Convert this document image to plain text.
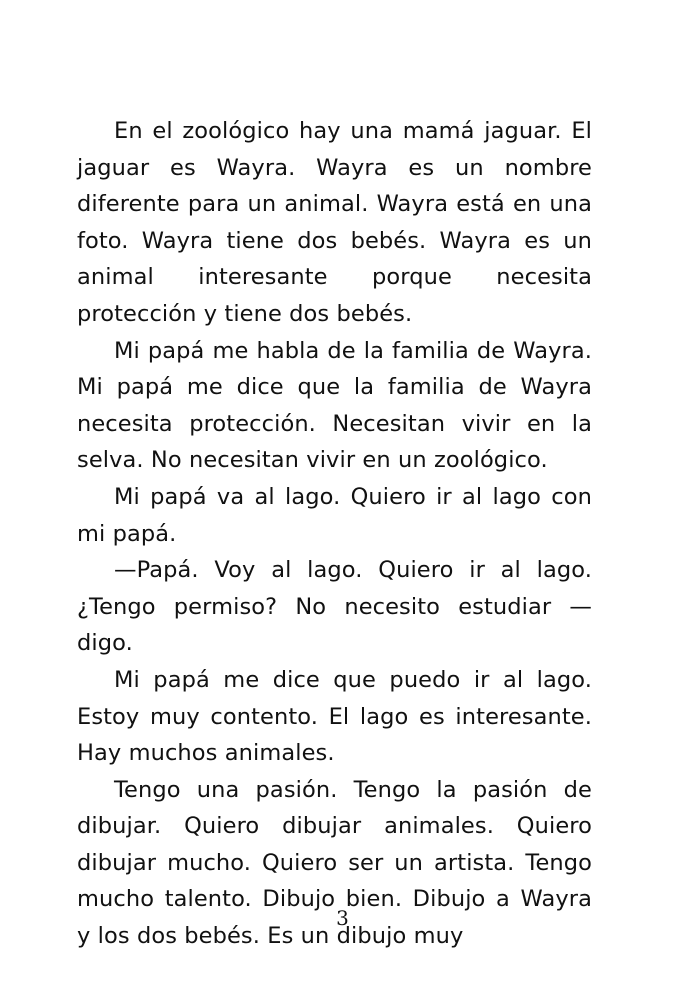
En el zoológico hay una mamá jaguar. El jaguar es Wayra. Wayra es un nombre diferente para un animal. Wayra está en una foto. Wayra tiene dos bebés. Wayra es un animal interesante porque necesita protección y tiene dos bebés.

Mi papá me habla de la familia de Wayra. Mi papá me dice que la familia de Wayra necesita protección. Necesitan vivir en la selva. No necesitan vivir en un zoológico.

Mi papá va al lago. Quiero ir al lago con mi papá.

—Papá. Voy al lago. Quiero ir al lago. ¿Tengo permiso? No necesito estudiar —digo.

Mi papá me dice que puedo ir al lago. Estoy muy contento. El lago es interesante. Hay muchos animales.

Tengo una pasión. Tengo la pasión de dibujar. Quiero dibujar animales. Quiero dibujar mucho. Quiero ser un artista. Tengo mucho talento. Dibujo bien. Dibujo a Wayra y los dos bebés. Es un dibujo muy

3
